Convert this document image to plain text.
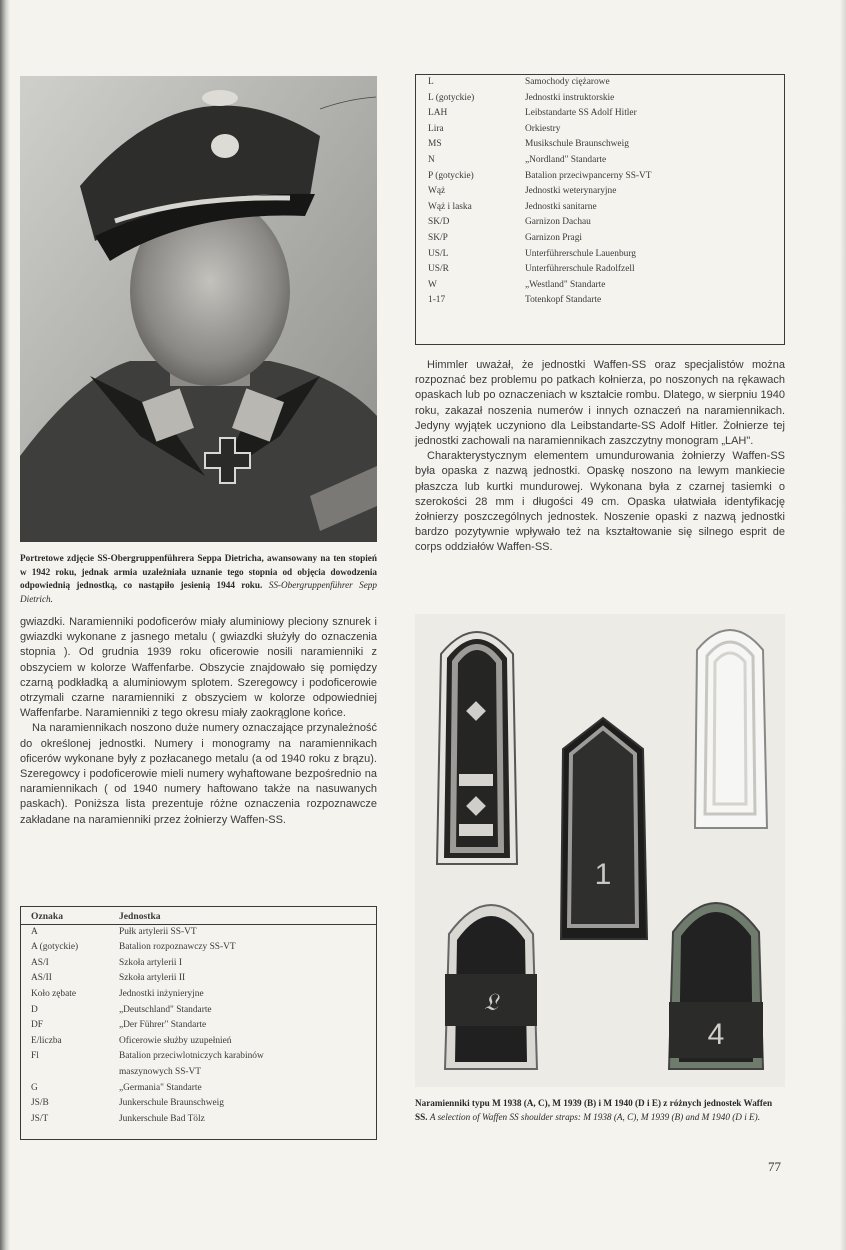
Portretowe zdjęcie SS-Obergruppenführera Seppa Dietricha, awansowany na ten stopień w 1942 roku, jednak armia uzależniała uznanie tego stopnia od objęcia dowodzenia odpowiednią jednostką, co nastąpiło jesienią 1944 roku. SS-Obergruppenführer Sepp Dietrich.

gwiazdki. Naramienniki podoficerów miały aluminiowy pleciony sznurek i gwiazdki wykonane z jasnego metalu ( gwiazdki służyły do oznaczenia stopnia ). Od grudnia 1939 roku oficerowie nosili naramienniki z obszyciem w kolorze Waffenfarbe. Obszycie znajdowało się pomiędzy czarną podkładką a aluminiowym splotem. Szeregowcy i podoficerowie otrzymali czarne naramienniki z obszyciem w kolorze odpowiedniej Waffenfarbe. Naramienniki z tego okresu miały zaokrąglone końce.

Na naramiennikach noszono duże numery oznaczające przynależność do określonej jednostki. Numery i monogramy na naramiennikach oficerów wykonane były z pozłacanego metalu (a od 1940 roku z brązu). Szeregowcy i podoficerowie mieli numery wyhaftowane bezpośrednio na naramiennikach ( od 1940 numery haftowano także na nasuwanych paskach). Poniższa lista prezentuje różne oznaczenia rozpoznawcze zakładane na naramienniki przez żołnierzy Waffen-SS.

Oznaka	Jednostka
A	Pułk artylerii SS-VT
A (gotyckie)	Batalion rozpoznawczy SS-VT
AS/I	Szkoła artylerii I
AS/II	Szkoła artylerii II
Koło zębate	Jednostki inżynieryjne
D	„Deutschland" Standarte
DF	„Der Führer" Standarte
E/liczba	Oficerowie służby uzupełnień
Fl	Batalion przeciwlotniczych karabinów
	maszynowych SS-VT
G	„Germania" Standarte
JS/B	Junkerschule Braunschweig
JS/T	Junkerschule Bad Tölz
L	Samochody ciężarowe
L (gotyckie)	Jednostki instruktorskie
LAH	Leibstandarte SS Adolf Hitler
Lira	Orkiestry
MS	Musikschule Braunschweig
N	„Nordland" Standarte
P (gotyckie)	Batalion przeciwpancerny SS-VT
Wąż	Jednostki weterynaryjne
Wąż i laska	Jednostki sanitarne
SK/D	Garnizon Dachau
SK/P	Garnizon Pragi
US/L	Unterführerschule Lauenburg
US/R	Unterführerschule Radolfzell
W	„Westland" Standarte
1-17	Totenkopf Standarte

Himmler uważał, że jednostki Waffen-SS oraz specjalistów można rozpoznać bez problemu po patkach kołnierza, po noszonych na rękawach opaskach lub po oznaczeniach w kształcie rombu. Dlatego, w sierpniu 1940 roku, zakazał noszenia numerów i innych oznaczeń na naramiennikach. Jedyny wyjątek uczyniono dla Leibstandarte-SS Adolf Hitler. Żołnierze tej jednostki zachowali na naramiennikach zaszczytny monogram „LAH".

Charakterystycznym elementem umundurowania żołnierzy Waffen-SS była opaska z nazwą jednostki. Opaskę noszono na lewym mankiecie płaszcza lub kurtki mundurowej. Wykonana była z czarnej tasiemki o szerokości 28 mm i długości 49 cm. Opaska ułatwiała identyfikację żołnierzy poszczególnych jednostek. Noszenie opaski z nazwą jednostki bardzo pozytywnie wpływało też na kształtowanie się silnego esprit de corps oddziałów Waffen-SS.

1
𝔏
4
Naramienniki typu M 1938 (A, C), M 1939 (B) i M 1940 (D i E) z różnych jednostek Waffen SS. A selection of Waffen SS shoulder straps: M 1938 (A, C), M 1939 (B) and M 1940 (D i E).
77
